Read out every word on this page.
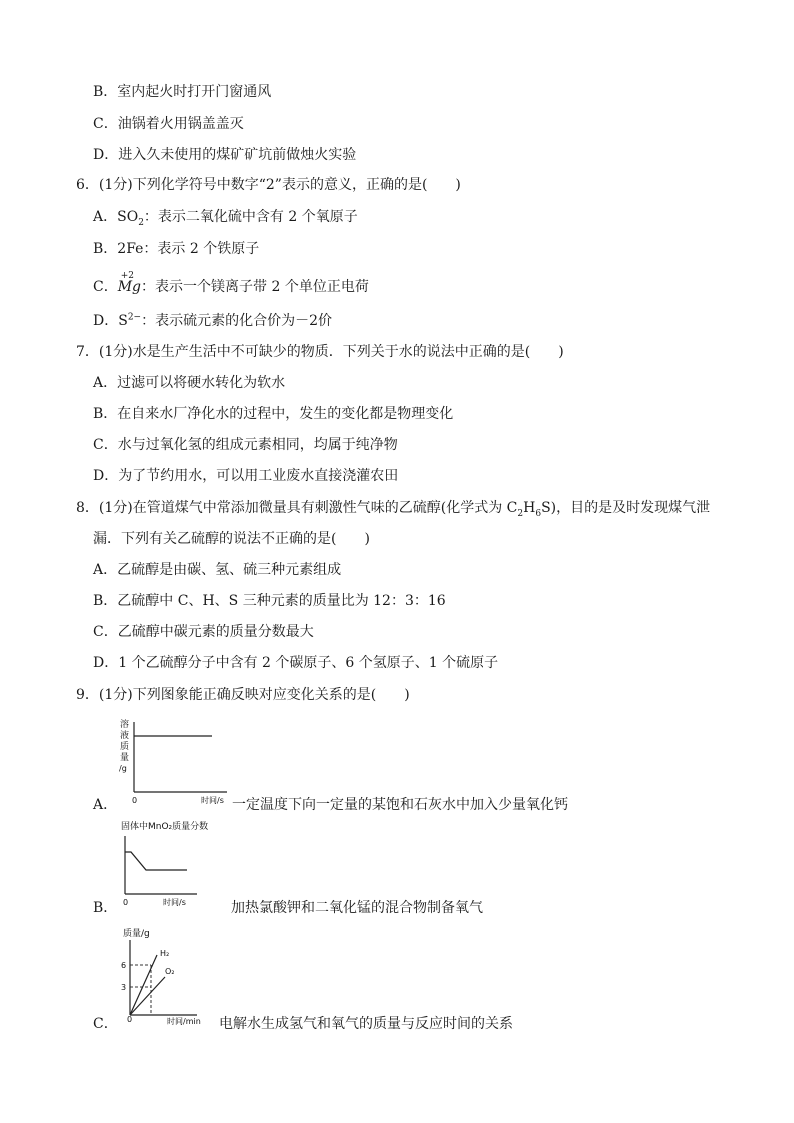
B．室内起火时打开门窗通风
C．油锅着火用锅盖盖灭
D．进入久未使用的煤矿矿坑前做烛火实验
6．(1分)下列化学符号中数字“2”表示的意义，正确的是(　　)
A．$SO_2$：表示二氧化硫中含有 2 个氧原子
B．2Fe：表示 2 个铁原子
C．
+2
Mg：表示一个镁离子带 2 个单位正电荷
D．$S^{2-}$：表示硫元素的化合价为－2价
7．(1分)水是生产生活中不可缺少的物质．下列关于水的说法中正确的是(　　)
A．过滤可以将硬水转化为软水
B．在自来水厂净化水的过程中，发生的变化都是物理变化
C．水与过氧化氢的组成元素相同，均属于纯净物
D．为了节约用水，可以用工业废水直接浇灌农田
8．(1分)在管道煤气中常添加微量具有刺激性气味的乙硫醇(化学式为 $C_2H_6S$)，目的是及时发现煤气泄
漏．下列有关乙硫醇的说法不正确的是(　　)
A．乙硫醇是由碳、氢、硫三种元素组成
B．乙硫醇中 C、H、S 三种元素的质量比为 12：3：16
C．乙硫醇中碳元素的质量分数最大
D．1 个乙硫醇分子中含有 2 个碳原子、6 个氢原子、1 个硫原子
9．(1分)下列图象能正确反映对应变化关系的是(　　)
溶
液
质
量
/g
0	时间/s
A．	一定温度下向一定量的某饱和石灰水中加入少量氧化钙
固体中MnO₂质量分数
0	时间/s
B．	加热氯酸钾和二氧化锰的混合物制备氧气
质量/g
H₂
O₂
6
3
0	时间/min
C．	电解水生成氢气和氧气的质量与反应时间的关系
